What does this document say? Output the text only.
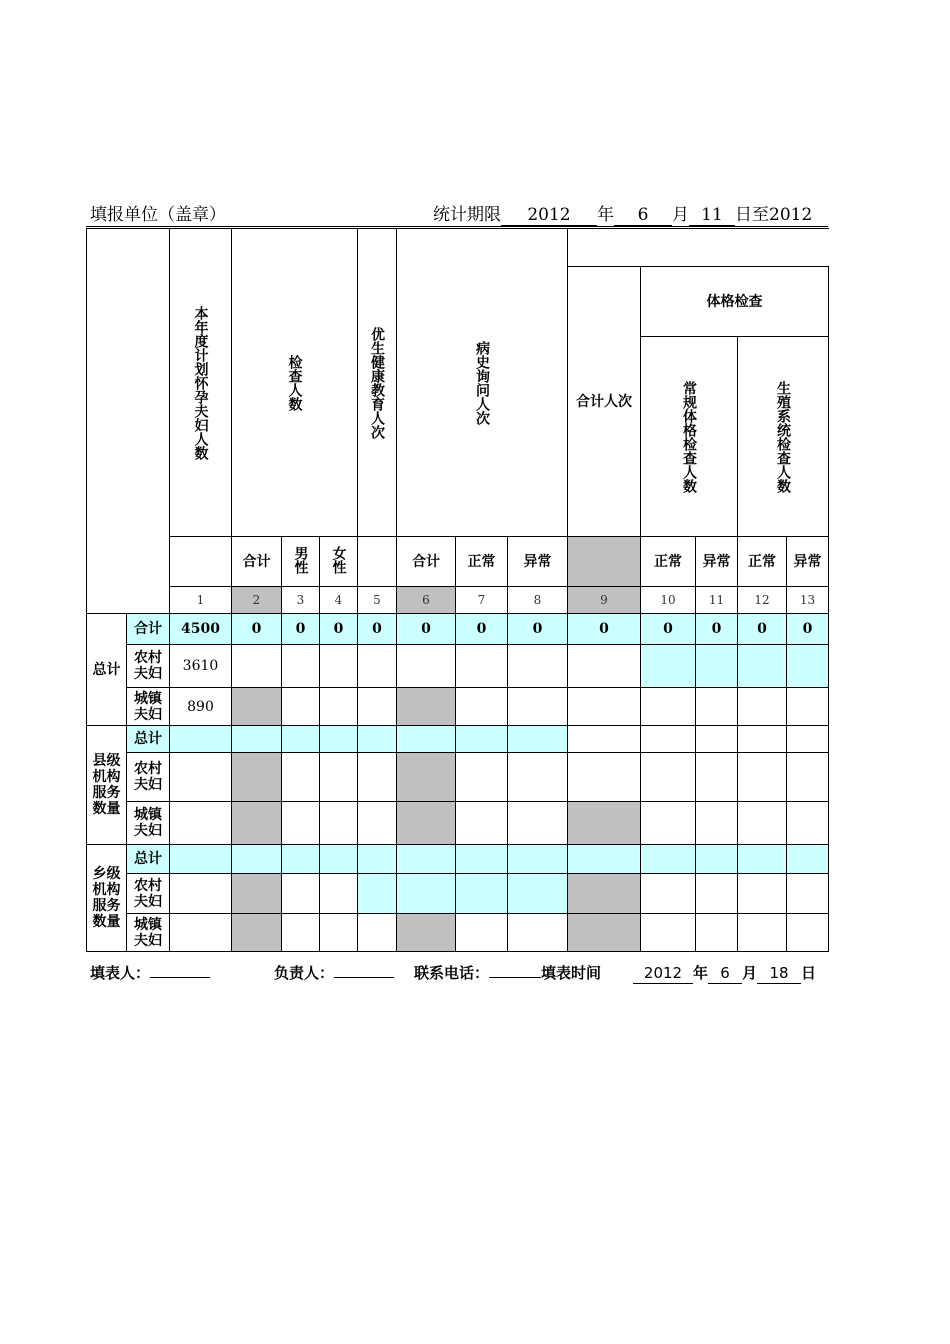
填报单位（盖章）	统计期限 2012 年 6 月 11 日至2012
		本年度计划怀孕夫妇人数	检查人数			优生健康教育人次	病史询问人次							
										合计人次	体格检查			
											常规体格检查人数		生殖系统检查人数	
			合计	男性	女性		合计	正常	异常		正常	异常	正常	异常
		1	2	3	4	5	6	7	8	9	10	11	12	13
总计	合计	4500	0	0	0	0	0	0	0	0	0	0	0	0
	农村夫妇	3610												
	城镇夫妇	890												
县级机构服务数量	总计													
	农村夫妇													
	城镇夫妇													
乡级机构服务数量	总计													
	农村夫妇													
	城镇夫妇													
填表人：	负责人：	联系电话：	填表时间	2012 年 6 月 18 日
